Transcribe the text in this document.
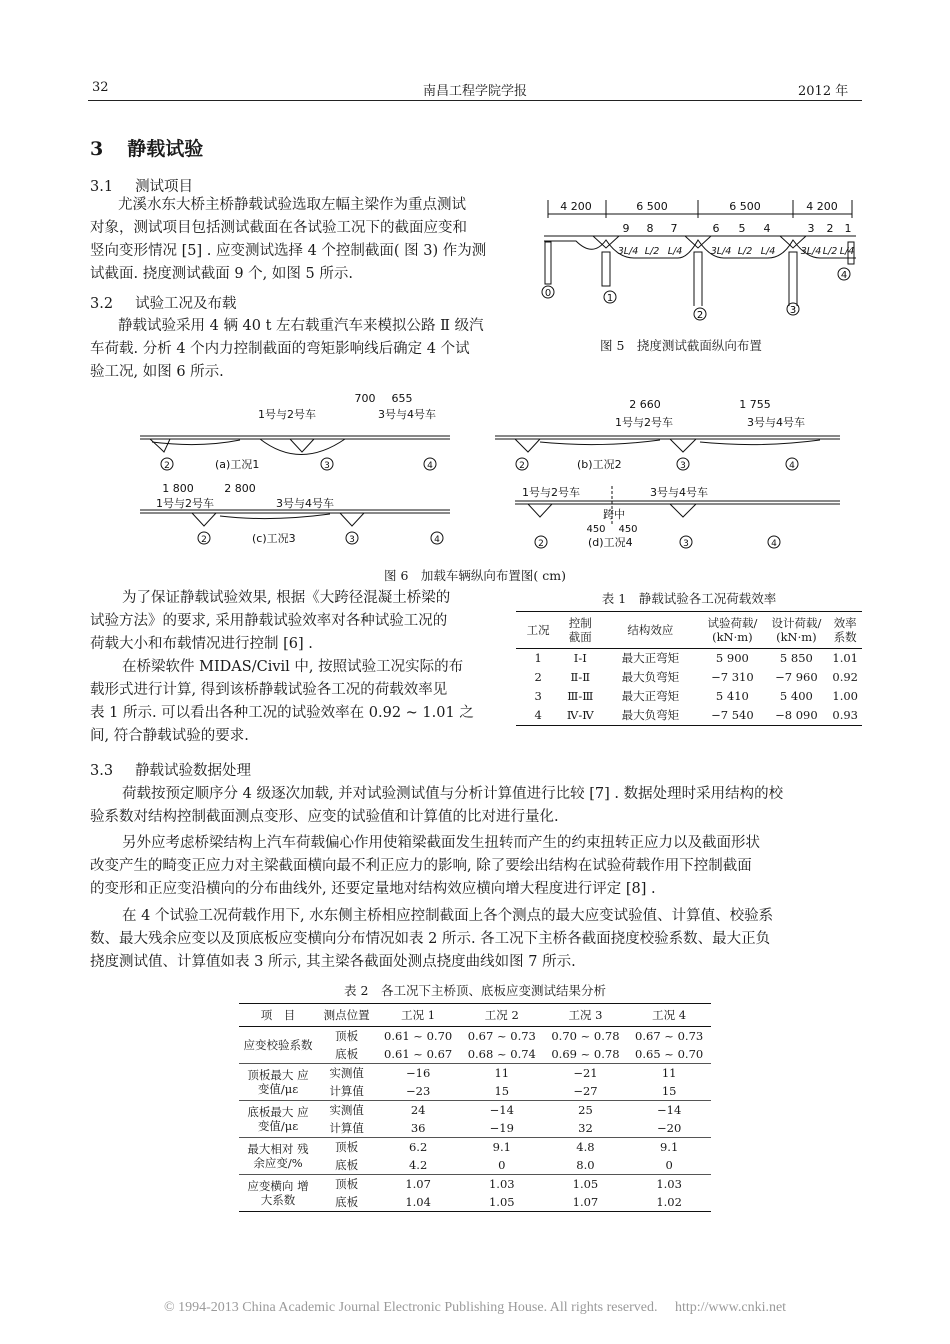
32	南昌工程学院学报	2012 年
3 静载试验
3.1 测试项目
尤溪水东大桥主桥静载试验选取左幅主梁作为重点测试
对象，测试项目包括测试截面在各试验工况下的截面应变和
竖向变形情况 [5] . 应变测试选择 4 个控制截面( 图 3) 作为测
试截面. 挠度测试截面 9 个, 如图 5 所示.
3.2 试验工况及布载
静载试验采用 4 辆 40 t 左右载重汽车来模拟公路 Ⅱ 级汽
车荷载. 分析 4 个内力控制截面的弯矩影响线后确定 4 个试
验工况, 如图 6 所示.
4 200	6 500	6 500	4 200
9 8 7	6 5 4	3 2 1
3L/4 L/2 L/4	3L/4 L/2 L/4	3L/4 L/2 L/4
0	1
4
2	3
图 5　挠度测试截面纵向布置
700 655
1号与2号车	3号与4号车
(a)工况1
2	3	4
2 660	1 755
1号与2号车	3号与4号车
(b)工况2
2	3	4
1 800	2 800
1号与2号车	3号与4号车
(c)工况3
2	3	4
1号与2号车	3号与4号车
跨中
450 450
(d)工况4
2	3	4
图 6　加载车辆纵向布置图( cm)
为了保证静载试验效果, 根据《大跨径混凝土桥梁的
试验方法》的要求, 采用静载试验效率对各种试验工况的
荷载大小和布载情况进行控制 [6] .
在桥梁软件 MIDAS/Civil 中, 按照试验工况实际的布
载形式进行计算, 得到该桥静载试验各工况的荷载效率见
表 1 所示. 可以看出各种工况的试验效率在 0.92 ~ 1.01 之
间, 符合静载试验的要求.
表 1　静载试验各工况荷载效率
工况	控制截面	结构效应	试验荷载/ (kN·m)	设计荷载/ (kN·m)	效率系数
1	Ⅰ-Ⅰ	最大正弯矩	5 900	5 850	1.01
2	Ⅱ-Ⅱ	最大负弯矩	−7 310	−7 960	0.92
3	Ⅲ-Ⅲ	最大正弯矩	5 410	5 400	1.00
4	Ⅳ-Ⅳ	最大负弯矩	−7 540	−8 090	0.93
3.3 静载试验数据处理
荷载按预定顺序分 4 级逐次加载, 并对试验测试值与分析计算值进行比较 [7] . 数据处理时采用结构的校
验系数对结构控制截面测点变形、应变的试验值和计算值的比对进行量化.
另外应考虑桥梁结构上汽车荷载偏心作用使箱梁截面发生扭转而产生的约束扭转正应力以及截面形状
改变产生的畸变正应力对主梁截面横向最不利正应力的影响, 除了要绘出结构在试验荷载作用下控制截面
的变形和正应变沿横向的分布曲线外, 还要定量地对结构效应横向增大程度进行评定 [8] .
在 4 个试验工况荷载作用下, 水东侧主桥相应控制截面上各个测点的最大应变试验值、计算值、校验系
数、最大残余应变以及顶底板应变横向分布情况如表 2 所示. 各工况下主桥各截面挠度校验系数、最大正负
挠度测试值、计算值如表 3 所示, 其主梁各截面处测点挠度曲线如图 7 所示.
表 2　各工况下主桥顶、底板应变测试结果分析
项　目	测点位置	工况 1	工况 2	工况 3	工况 4
应变校验系数	顶板	0.61 ~ 0.70	0.67 ~ 0.73	0.70 ~ 0.78	0.67 ~ 0.73
	底板	0.61 ~ 0.67	0.68 ~ 0.74	0.69 ~ 0.78	0.65 ~ 0.70
顶板最大 应变值/με	实测值	−16	11	−21	11
	计算值	−23	15	−27	15
底板最大 应变值/με	实测值	24	−14	25	−14
	计算值	36	−19	32	−20
最大相对 残余应变/%	顶板	6.2	9.1	4.8	9.1
	底板	4.2	0	8.0	0
应变横向 增大系数	顶板	1.07	1.03	1.05	1.03
	底板	1.04	1.05	1.07	1.02
© 1994-2013 China Academic Journal Electronic Publishing House. All rights reserved.　 http://www.cnki.net
